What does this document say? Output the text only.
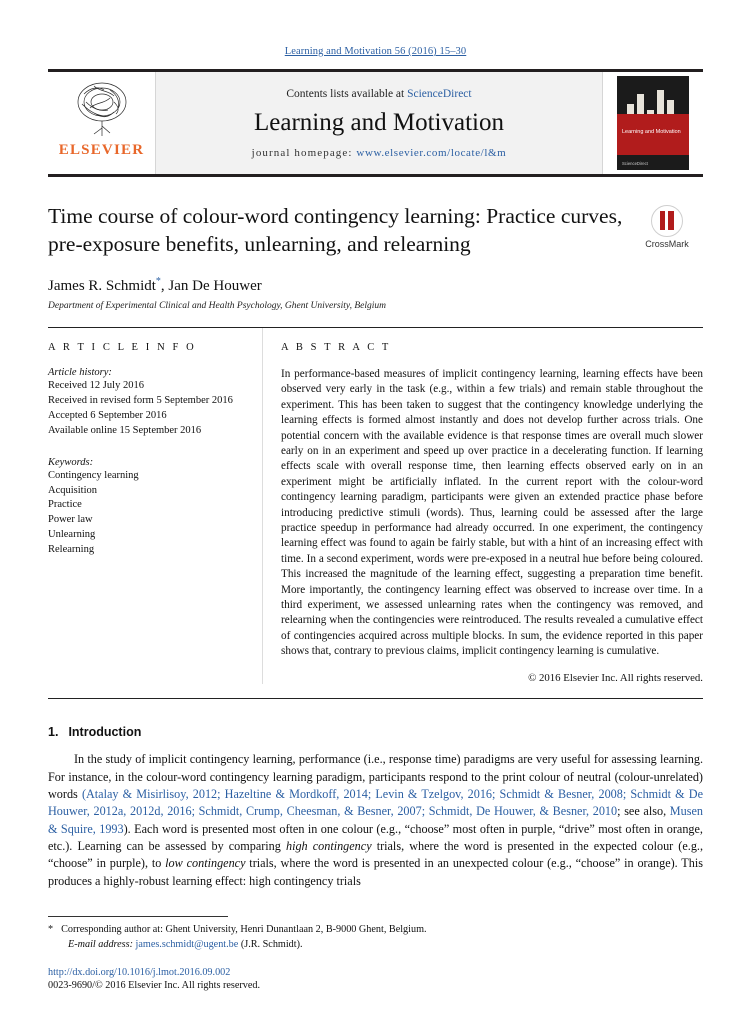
Learning and Motivation 56 (2016) 15–30
ELSEVIER
Contents lists available at ScienceDirect
Learning and Motivation
journal homepage: www.elsevier.com/locate/l&m
Learning and Motivation
ScienceDirect
Time course of colour-word contingency learning: Practice curves, pre-exposure benefits, unlearning, and relearning	CrossMark
James R. Schmidt*, Jan De Houwer
Department of Experimental Clinical and Health Psychology, Ghent University, Belgium
A R T I C L E I N F O
Article history:
Received 12 July 2016
Received in revised form 5 September 2016
Accepted 6 September 2016
Available online 15 September 2016
Keywords:
Contingency learning
Acquisition
Practice
Power law
Unlearning
Relearning
A B S T R A C T
In performance-based measures of implicit contingency learning, learning effects have been observed very early in the task (e.g., within a few trials) and remain stable throughout the experiment. This has been taken to suggest that the contingency knowledge underlying the learning effects is formed almost instantly and does not develop further across trials. One potential concern with the available evidence is that response times are overall much slower early on in an experiment and speed up over practice in a decelerating function. If learning effects scale with overall response time, then learning effects observed early on in an experiment might be artificially inflated. In the current report with the colour-word contingency learning paradigm, participants were given an extended practice phase before introducing predictive stimuli (words). Thus, learning could be assessed after the large practice speedup in performance had already occurred. In one experiment, the contingency learning effect was found to again be fairly stable, but with a hint of an increasing effect with time. In a second experiment, words were pre-exposed in a neutral hue before being coloured. This increased the magnitude of the learning effect, suggesting a preparation time benefit. More importantly, the contingency learning effect was observed to increase over time. In a third experiment, we assessed unlearning rates when the contingency was removed, and relearning when the contingencies were reintroduced. The results revealed a cumulative effect of contingencies acquired across multiple blocks. In sum, the evidence reported in this paper shows that, contrary to previous claims, implicit contingency learning is cumulative.
© 2016 Elsevier Inc. All rights reserved.
1. Introduction

In the study of implicit contingency learning, performance (i.e., response time) paradigms are very useful for assessing learning. For instance, in the colour-word contingency learning paradigm, participants respond to the print colour of neutral (colour-unrelated) words (Atalay & Misirlisoy, 2012; Hazeltine & Mordkoff, 2014; Levin & Tzelgov, 2016; Schmidt & Besner, 2008; Schmidt & De Houwer, 2012a, 2012d, 2016; Schmidt, Crump, Cheesman, & Besner, 2007; Schmidt, De Houwer, & Besner, 2010; see also, Musen & Squire, 1993). Each word is presented most often in one colour (e.g., “choose” most often in purple, “drive” most often in orange, etc.). Learning can be assessed by comparing high contingency trials, where the word is presented in the expected colour (e.g., “choose” in purple), to low contingency trials, where the word is presented in an unexpected colour (e.g., “choose” in orange). This produces a highly-robust learning effect: high contingency trials

* Corresponding author at: Ghent University, Henri Dunantlaan 2, B-9000 Ghent, Belgium.
E-mail address: james.schmidt@ugent.be (J.R. Schmidt).
http://dx.doi.org/10.1016/j.lmot.2016.09.002
0023-9690/© 2016 Elsevier Inc. All rights reserved.
